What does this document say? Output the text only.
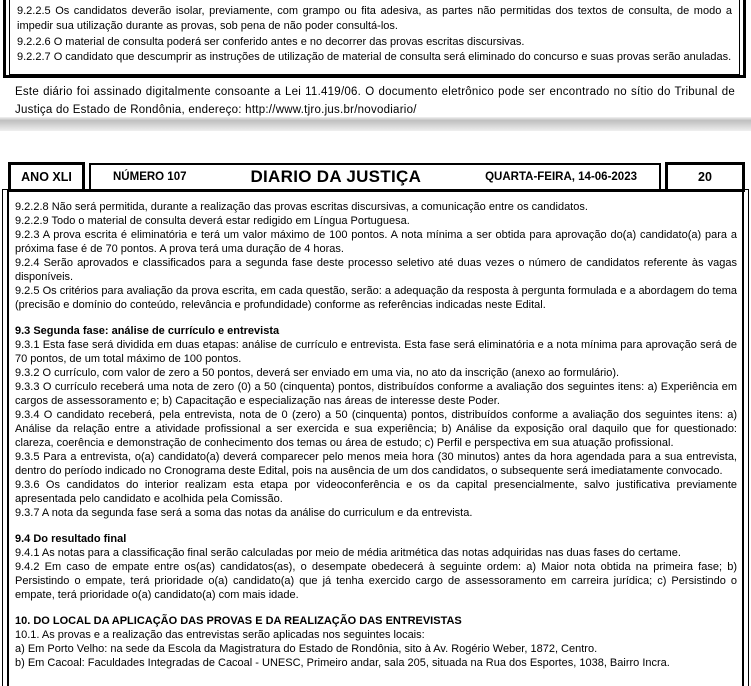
9.2.2.5 Os candidatos deverão isolar, previamente, com grampo ou fita adesiva, as partes não permitidas dos textos de consulta, de modo a impedir sua utilização durante as provas, sob pena de não poder consultá-los.

9.2.2.6 O material de consulta poderá ser conferido antes e no decorrer das provas escritas discursivas.

9.2.2.7 O candidato que descumprir as instruções de utilização de material de consulta será eliminado do concurso e suas provas serão anuladas.

Este diário foi assinado digitalmente consoante a Lei 11.419/06. O documento eletrônico pode ser encontrado no sítio do Tribunal de Justiça do Estado de Rondônia, endereço: http://www.tjro.jus.br/novodiario/
ANO XLI	NÚMERO 107	DIARIO DA JUSTIÇA	QUARTA-FEIRA, 14-06-2023	20

9.2.2.8 Não será permitida, durante a realização das provas escritas discursivas, a comunicação entre os candidatos.

9.2.2.9 Todo o material de consulta deverá estar redigido em Língua Portuguesa.

9.2.3 A prova escrita é eliminatória e terá um valor máximo de 100 pontos. A nota mínima a ser obtida para aprovação do(a) candidato(a) para a próxima fase é de 70 pontos. A prova terá uma duração de 4 horas.

9.2.4 Serão aprovados e classificados para a segunda fase deste processo seletivo até duas vezes o número de candidatos referente às vagas disponíveis.

9.2.5 Os critérios para avaliação da prova escrita, em cada questão, serão: a adequação da resposta à pergunta formulada e a abordagem do tema (precisão e domínio do conteúdo, relevância e profundidade) conforme as referências indicadas neste Edital.

9.3 Segunda fase: análise de currículo e entrevista

9.3.1 Esta fase será dividida em duas etapas: análise de currículo e entrevista. Esta fase será eliminatória e a nota mínima para aprovação será de 70 pontos, de um total máximo de 100 pontos.

9.3.2 O currículo, com valor de zero a 50 pontos, deverá ser enviado em uma via, no ato da inscrição (anexo ao formulário).

9.3.3 O currículo receberá uma nota de zero (0) a 50 (cinquenta) pontos, distribuídos conforme a avaliação dos seguintes itens: a) Experiência em cargos de assessoramento e; b) Capacitação e especialização nas áreas de interesse deste Poder.

9.3.4 O candidato receberá, pela entrevista, nota de 0 (zero) a 50 (cinquenta) pontos, distribuídos conforme a avaliação dos seguintes itens: a) Análise da relação entre a atividade profissional a ser exercida e sua experiência; b) Análise da exposição oral daquilo que for questionado: clareza, coerência e demonstração de conhecimento dos temas ou área de estudo; c) Perfil e perspectiva em sua atuação profissional.

9.3.5 Para a entrevista, o(a) candidato(a) deverá comparecer pelo menos meia hora (30 minutos) antes da hora agendada para a sua entrevista, dentro do período indicado no Cronograma deste Edital, pois na ausência de um dos candidatos, o subsequente será imediatamente convocado.

9.3.6 Os candidatos do interior realizam esta etapa por videoconferência e os da capital presencialmente, salvo justificativa previamente apresentada pelo candidato e acolhida pela Comissão.

9.3.7 A nota da segunda fase será a soma das notas da análise do curriculum e da entrevista.

9.4 Do resultado final

9.4.1 As notas para a classificação final serão calculadas por meio de média aritmética das notas adquiridas nas duas fases do certame.

9.4.2 Em caso de empate entre os(as) candidatos(as), o desempate obedecerá à seguinte ordem: a) Maior nota obtida na primeira fase; b) Persistindo o empate, terá prioridade o(a) candidato(a) que já tenha exercido cargo de assessoramento em carreira jurídica; c) Persistindo o empate, terá prioridade o(a) candidato(a) com mais idade.

10. DO LOCAL DA APLICAÇÃO DAS PROVAS E DA REALIZAÇÃO DAS ENTREVISTAS

10.1. As provas e a realização das entrevistas serão aplicadas nos seguintes locais:

a) Em Porto Velho: na sede da Escola da Magistratura do Estado de Rondônia, sito à Av. Rogério Weber, 1872, Centro.

b) Em Cacoal: Faculdades Integradas de Cacoal - UNESC, Primeiro andar, sala 205, situada na Rua dos Esportes, 1038, Bairro Incra.
